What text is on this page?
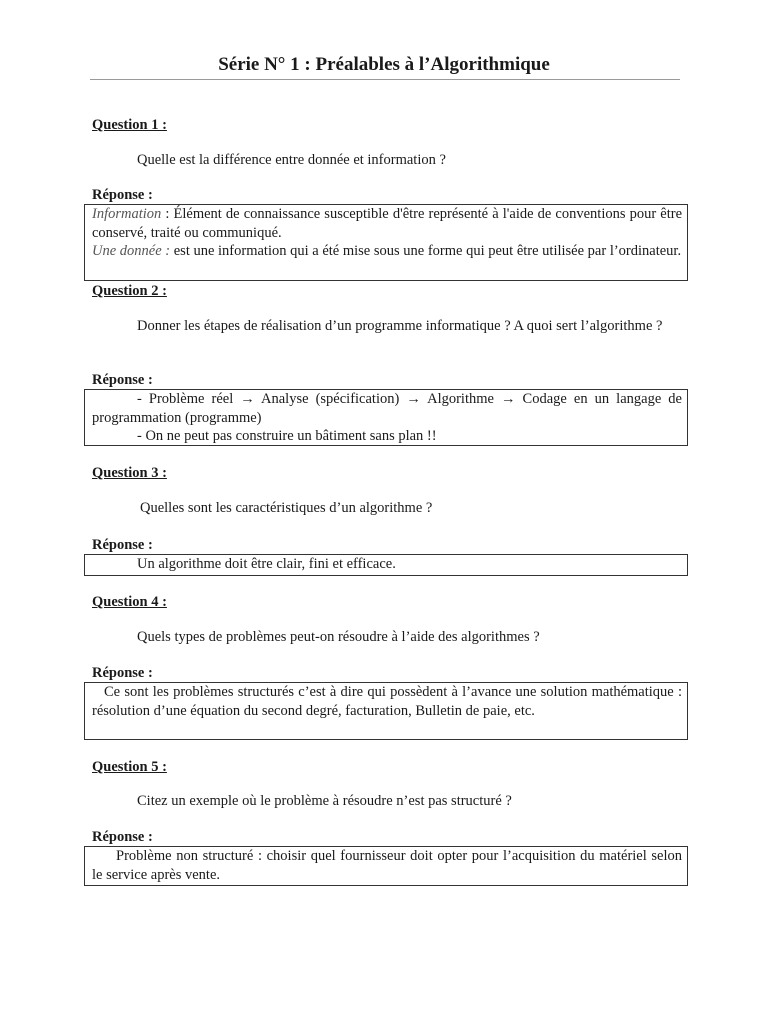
Série N° 1 : Préalables à l’Algorithmique
Question 1 :
Quelle est la différence entre donnée et information ?
Réponse :
Information : Élément de connaissance susceptible d'être représenté à l'aide de conventions pour être conservé, traité ou communiqué.
Une donnée : est une information qui a été mise sous une forme qui peut être utilisée par l’ordinateur.
Question 2 :
Donner les étapes de réalisation d’un programme informatique ? A quoi sert l’algorithme ?
Réponse :
- Problème réel → Analyse (spécification) → Algorithme → Codage en un langage de programmation (programme)
- On ne peut pas construire un bâtiment sans plan !!
Question 3 :
Quelles sont les caractéristiques d’un algorithme ?
Réponse :
Un algorithme doit être clair, fini et efficace.
Question 4 :
Quels types de problèmes peut-on résoudre à l’aide des algorithmes ?
Réponse :
Ce sont les problèmes structurés c’est à dire qui possèdent à l’avance une solution mathématique : résolution d’une équation du second degré, facturation, Bulletin de paie, etc.
Question 5 :
Citez un exemple où le problème à résoudre n’est pas structuré ?
Réponse :
Problème non structuré : choisir quel fournisseur doit opter pour l’acquisition du matériel selon le service après vente.
